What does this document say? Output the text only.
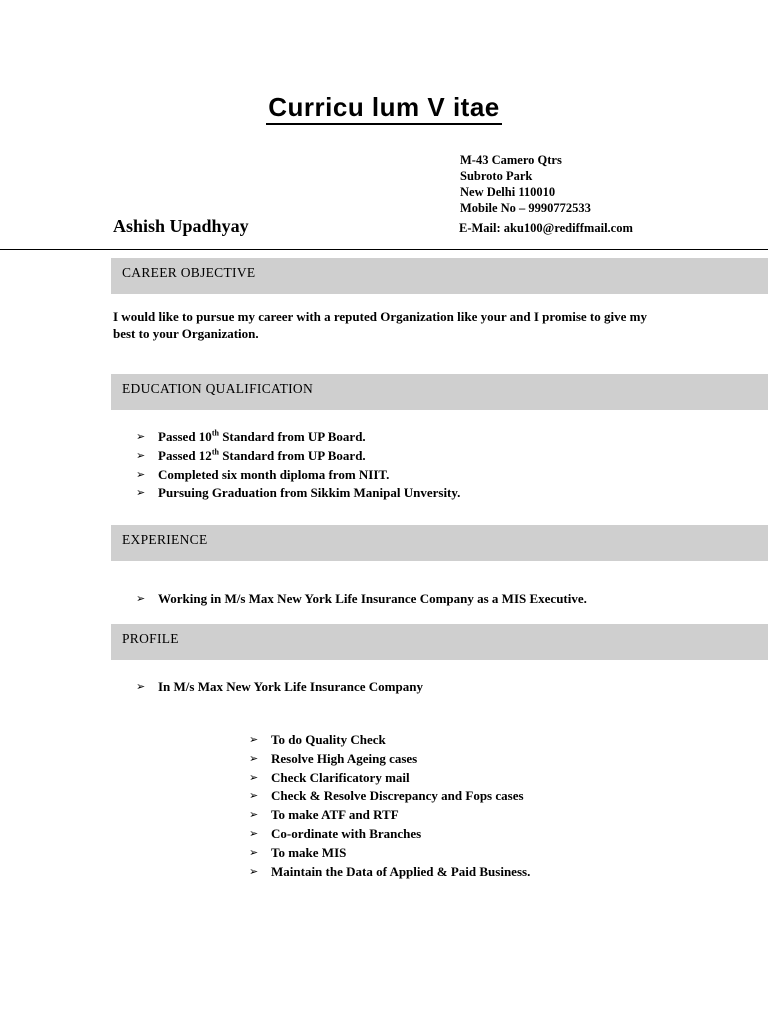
Curricu lum V itae
M-43 Camero Qtrs
Subroto Park
New Delhi 110010
Mobile No – 9990772533
E-Mail: aku100@rediffmail.com
Ashish Upadhyay
CAREER OBJECTIVE
I would like to pursue my career with a reputed Organization like your and I promise to give my best to your Organization.
EDUCATION QUALIFICATION
➢ Passed 10th Standard from UP Board.
➢ Passed 12th Standard from UP Board.
➢ Completed six month diploma from NIIT.
➢ Pursuing Graduation from Sikkim Manipal Unversity.
EXPERIENCE
➢ Working in M/s Max New York Life Insurance Company as a MIS Executive.
PROFILE
➢ In M/s Max New York Life Insurance Company
➢ To do Quality Check
➢ Resolve High Ageing cases
➢ Check Clarificatory mail
➢ Check & Resolve Discrepancy and Fops cases
➢ To make ATF and RTF
➢ Co-ordinate with Branches
➢ To make MIS
➢ Maintain the Data of Applied & Paid Business.
